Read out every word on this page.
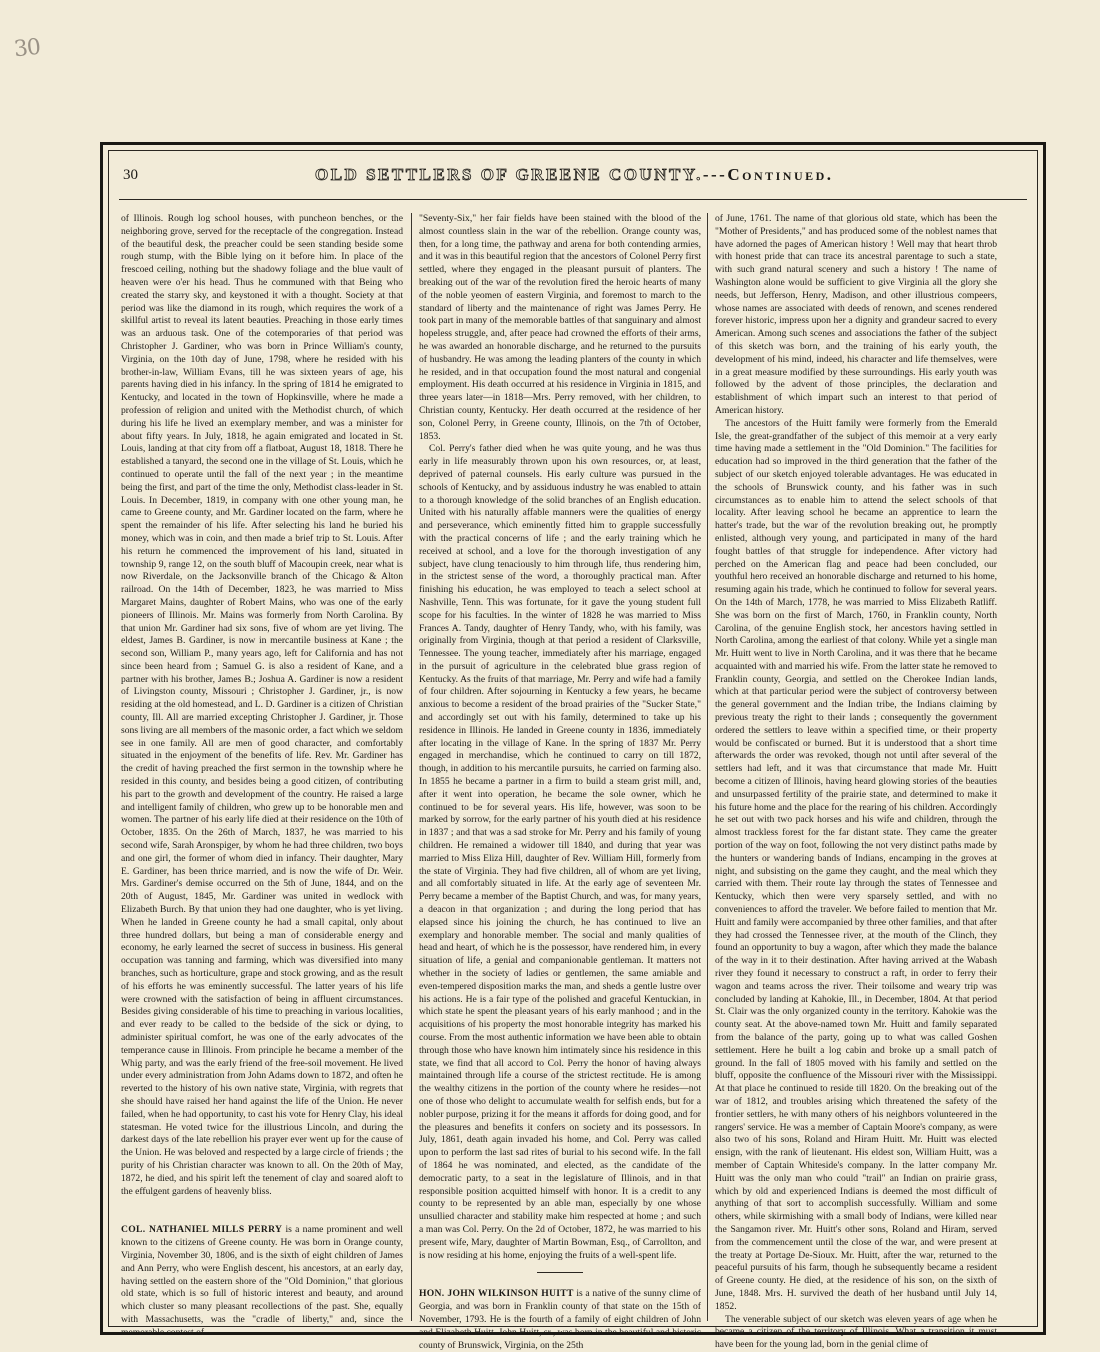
30
30	OLD SETTLERS OF GREENE COUNTY.---Continued.

of Illinois. Rough log school houses, with puncheon benches, or the neighboring grove, served for the receptacle of the congregation. Instead of the beautiful desk, the preacher could be seen standing beside some rough stump, with the Bible lying on it before him. In place of the frescoed ceiling, nothing but the shadowy foliage and the blue vault of heaven were o'er his head. Thus he communed with that Being who created the starry sky, and keystoned it with a thought. Society at that period was like the diamond in its rough, which requires the work of a skillful artist to reveal its latent beauties. Preaching in those early times was an arduous task. One of the cotemporaries of that period was Christopher J. Gardiner, who was born in Prince William's county, Virginia, on the 10th day of June, 1798, where he resided with his brother-in-law, William Evans, till he was sixteen years of age, his parents having died in his infancy. In the spring of 1814 he emigrated to Kentucky, and located in the town of Hopkinsville, where he made a profession of religion and united with the Methodist church, of which during his life he lived an exemplary member, and was a minister for about fifty years. In July, 1818, he again emigrated and located in St. Louis, landing at that city from off a flatboat, August 18, 1818. There he established a tanyard, the second one in the village of St. Louis, which he continued to operate until the fall of the next year ; in the meantime being the first, and part of the time the only, Methodist class-leader in St. Louis. In December, 1819, in company with one other young man, he came to Greene county, and Mr. Gardiner located on the farm, where he spent the remainder of his life. After selecting his land he buried his money, which was in coin, and then made a brief trip to St. Louis. After his return he commenced the improvement of his land, situated in township 9, range 12, on the south bluff of Macoupin creek, near what is now Riverdale, on the Jacksonville branch of the Chicago & Alton railroad. On the 14th of December, 1823, he was married to Miss Margaret Mains, daughter of Robert Mains, who was one of the early pioneers of Illinois. Mr. Mains was formerly from North Carolina. By that union Mr. Gardiner had six sons, five of whom are yet living. The eldest, James B. Gardiner, is now in mercantile business at Kane ; the second son, William P., many years ago, left for California and has not since been heard from ; Samuel G. is also a resident of Kane, and a partner with his brother, James B.; Joshua A. Gardiner is now a resident of Livingston county, Missouri ; Christopher J. Gardiner, jr., is now residing at the old homestead, and L. D. Gardiner is a citizen of Christian county, Ill. All are married excepting Christopher J. Gardiner, jr. Those sons living are all members of the masonic order, a fact which we seldom see in one family. All are men of good character, and comfortably situated in the enjoyment of the benefits of life. Rev. Mr. Gardiner has the credit of having preached the first sermon in the township where he resided in this county, and besides being a good citizen, of contributing his part to the growth and development of the country. He raised a large and intelligent family of children, who grew up to be honorable men and women. The partner of his early life died at their residence on the 10th of October, 1835. On the 26th of March, 1837, he was married to his second wife, Sarah Aronspiger, by whom he had three children, two boys and one girl, the former of whom died in infancy. Their daughter, Mary E. Gardiner, has been thrice married, and is now the wife of Dr. Weir. Mrs. Gardiner's demise occurred on the 5th of June, 1844, and on the 20th of August, 1845, Mr. Gardiner was united in wedlock with Elizabeth Burch. By that union they had one daughter, who is yet living. When he landed in Greene county he had a small capital, only about three hundred dollars, but being a man of considerable energy and economy, he early learned the secret of success in business. His general occupation was tanning and farming, which was diversified into many branches, such as horticulture, grape and stock growing, and as the result of his efforts he was eminently successful. The latter years of his life were crowned with the satisfaction of being in affluent circumstances. Besides giving considerable of his time to preaching in various localities, and ever ready to be called to the bedside of the sick or dying, to administer spiritual comfort, he was one of the early advocates of the temperance cause in Illinois. From principle he became a member of the Whig party, and was the early friend of the free-soil movement. He lived under every administration from John Adams down to 1872, and often he reverted to the history of his own native state, Virginia, with regrets that she should have raised her hand against the life of the Union. He never failed, when he had opportunity, to cast his vote for Henry Clay, his ideal statesman. He voted twice for the illustrious Lincoln, and during the darkest days of the late rebellion his prayer ever went up for the cause of the Union. He was beloved and respected by a large circle of friends ; the purity of his Christian character was known to all. On the 20th of May, 1872, he died, and his spirit left the tenement of clay and soared aloft to the effulgent gardens of heavenly bliss.

COL. NATHANIEL MILLS PERRY is a name prominent and well known to the citizens of Greene county. He was born in Orange county, Virginia, November 30, 1806, and is the sixth of eight children of James and Ann Perry, who were English descent, his ancestors, at an early day, having settled on the eastern shore of the "Old Dominion," that glorious old state, which is so full of historic interest and beauty, and around which cluster so many pleasant recollections of the past. She, equally with Massachusetts, was the "cradle of liberty," and, since the memorable contest of

"Seventy-Six," her fair fields have been stained with the blood of the almost countless slain in the war of the rebellion. Orange county was, then, for a long time, the pathway and arena for both contending armies, and it was in this beautiful region that the ancestors of Colonel Perry first settled, where they engaged in the pleasant pursuit of planters. The breaking out of the war of the revolution fired the heroic hearts of many of the noble yeomen of eastern Virginia, and foremost to march to the standard of liberty and the maintenance of right was James Perry. He took part in many of the memorable battles of that sanguinary and almost hopeless struggle, and, after peace had crowned the efforts of their arms, he was awarded an honorable discharge, and he returned to the pursuits of husbandry. He was among the leading planters of the county in which he resided, and in that occupation found the most natural and congenial employment. His death occurred at his residence in Virginia in 1815, and three years later—in 1818—Mrs. Perry removed, with her children, to Christian county, Kentucky. Her death occurred at the residence of her son, Colonel Perry, in Greene county, Illinois, on the 7th of October, 1853.

Col. Perry's father died when he was quite young, and he was thus early in life measurably thrown upon his own resources, or, at least, deprived of paternal counsels. His early culture was pursued in the schools of Kentucky, and by assiduous industry he was enabled to attain to a thorough knowledge of the solid branches of an English education. United with his naturally affable manners were the qualities of energy and perseverance, which eminently fitted him to grapple successfully with the practical concerns of life ; and the early training which he received at school, and a love for the thorough investigation of any subject, have clung tenaciously to him through life, thus rendering him, in the strictest sense of the word, a thoroughly practical man. After finishing his education, he was employed to teach a select school at Nashville, Tenn. This was fortunate, for it gave the young student full scope for his faculties. In the winter of 1828 he was married to Miss Frances A. Tandy, daughter of Henry Tandy, who, with his family, was originally from Virginia, though at that period a resident of Clarksville, Tennessee. The young teacher, immediately after his marriage, engaged in the pursuit of agriculture in the celebrated blue grass region of Kentucky. As the fruits of that marriage, Mr. Perry and wife had a family of four children. After sojourning in Kentucky a few years, he became anxious to become a resident of the broad prairies of the "Sucker State," and accordingly set out with his family, determined to take up his residence in Illinois. He landed in Greene county in 1836, immediately after locating in the village of Kane. In the spring of 1837 Mr. Perry engaged in merchandise, which he continued to carry on till 1872, though, in addition to his mercantile pursuits, he carried on farming also. In 1855 he became a partner in a firm to build a steam grist mill, and, after it went into operation, he became the sole owner, which he continued to be for several years. His life, however, was soon to be marked by sorrow, for the early partner of his youth died at his residence in 1837 ; and that was a sad stroke for Mr. Perry and his family of young children. He remained a widower till 1840, and during that year was married to Miss Eliza Hill, daughter of Rev. William Hill, formerly from the state of Virginia. They had five children, all of whom are yet living, and all comfortably situated in life. At the early age of seventeen Mr. Perry became a member of the Baptist Church, and was, for many years, a deacon in that organization ; and during the long period that has elapsed since his joining the church, he has continued to live an exemplary and honorable member. The social and manly qualities of head and heart, of which he is the possessor, have rendered him, in every situation of life, a genial and companionable gentleman. It matters not whether in the society of ladies or gentlemen, the same amiable and even-tempered disposition marks the man, and sheds a gentle lustre over his actions. He is a fair type of the polished and graceful Kentuckian, in which state he spent the pleasant years of his early manhood ; and in the acquisitions of his property the most honorable integrity has marked his course. From the most authentic information we have been able to obtain through those who have known him intimately since his residence in this state, we find that all accord to Col. Perry the honor of having always maintained through life a course of the strictest rectitude. He is among the wealthy citizens in the portion of the county where he resides—not one of those who delight to accumulate wealth for selfish ends, but for a nobler purpose, prizing it for the means it affords for doing good, and for the pleasures and benefits it confers on society and its possessors. In July, 1861, death again invaded his home, and Col. Perry was called upon to perform the last sad rites of burial to his second wife. In the fall of 1864 he was nominated, and elected, as the candidate of the democratic party, to a seat in the legislature of Illinois, and in that responsible position acquitted himself with honor. It is a credit to any county to be represented by an able man, especially by one whose unsullied character and stability make him respected at home ; and such a man was Col. Perry. On the 2d of October, 1872, he was married to his present wife, Mary, daughter of Martin Bowman, Esq., of Carrollton, and is now residing at his home, enjoying the fruits of a well-spent life.

HON. JOHN WILKINSON HUITT is a native of the sunny clime of Georgia, and was born in Franklin county of that state on the 15th of November, 1793. He is the fourth of a family of eight children of John and Elizabeth Huitt. John Huitt, sr., was born in the beautiful and historic county of Brunswick, Virginia, on the 25th

of June, 1761. The name of that glorious old state, which has been the "Mother of Presidents," and has produced some of the noblest names that have adorned the pages of American history ! Well may that heart throb with honest pride that can trace its ancestral parentage to such a state, with such grand natural scenery and such a history ! The name of Washington alone would be sufficient to give Virginia all the glory she needs, but Jefferson, Henry, Madison, and other illustrious compeers, whose names are associated with deeds of renown, and scenes rendered forever historic, impress upon her a dignity and grandeur sacred to every American. Among such scenes and associations the father of the subject of this sketch was born, and the training of his early youth, the development of his mind, indeed, his character and life themselves, were in a great measure modified by these surroundings. His early youth was followed by the advent of those principles, the declaration and establishment of which impart such an interest to that period of American history.

The ancestors of the Huitt family were formerly from the Emerald Isle, the great-grandfather of the subject of this memoir at a very early time having made a settlement in the "Old Dominion." The facilities for education had so improved in the third generation that the father of the subject of our sketch enjoyed tolerable advantages. He was educated in the schools of Brunswick county, and his father was in such circumstances as to enable him to attend the select schools of that locality. After leaving school he became an apprentice to learn the hatter's trade, but the war of the revolution breaking out, he promptly enlisted, although very young, and participated in many of the hard fought battles of that struggle for independence. After victory had perched on the American flag and peace had been concluded, our youthful hero received an honorable discharge and returned to his home, resuming again his trade, which he continued to follow for several years. On the 14th of March, 1778, he was married to Miss Elizabeth Ratliff. She was born on the first of March, 1760, in Franklin county, North Carolina, of the genuine English stock, her ancestors having settled in North Carolina, among the earliest of that colony. While yet a single man Mr. Huitt went to live in North Carolina, and it was there that he became acquainted with and married his wife. From the latter state he removed to Franklin county, Georgia, and settled on the Cherokee Indian lands, which at that particular period were the subject of controversy between the general government and the Indian tribe, the Indians claiming by previous treaty the right to their lands ; consequently the government ordered the settlers to leave within a specified time, or their property would be confiscated or burned. But it is understood that a short time afterwards the order was revoked, though not until after several of the settlers had left, and it was that circumstance that made Mr. Huitt become a citizen of Illinois, having heard glowing stories of the beauties and unsurpassed fertility of the prairie state, and determined to make it his future home and the place for the rearing of his children. Accordingly he set out with two pack horses and his wife and children, through the almost trackless forest for the far distant state. They came the greater portion of the way on foot, following the not very distinct paths made by the hunters or wandering bands of Indians, encamping in the groves at night, and subsisting on the game they caught, and the meal which they carried with them. Their route lay through the states of Tennessee and Kentucky, which then were very sparsely settled, and with no conveniences to afford the traveler. We before failed to mention that Mr. Huitt and family were accompanied by three other families, and that after they had crossed the Tennessee river, at the mouth of the Clinch, they found an opportunity to buy a wagon, after which they made the balance of the way in it to their destination. After having arrived at the Wabash river they found it necessary to construct a raft, in order to ferry their wagon and teams across the river. Their toilsome and weary trip was concluded by landing at Kahokie, Ill., in December, 1804. At that period St. Clair was the only organized county in the territory. Kahokie was the county seat. At the above-named town Mr. Huitt and family separated from the balance of the party, going up to what was called Goshen settlement. Here he built a log cabin and broke up a small patch of ground. In the fall of 1805 moved with his family and settled on the bluff, opposite the confluence of the Missouri river with the Mississippi. At that place he continued to reside till 1820. On the breaking out of the war of 1812, and troubles arising which threatened the safety of the frontier settlers, he with many others of his neighbors volunteered in the rangers' service. He was a member of Captain Moore's company, as were also two of his sons, Roland and Hiram Huitt. Mr. Huitt was elected ensign, with the rank of lieutenant. His eldest son, William Huitt, was a member of Captain Whiteside's company. In the latter company Mr. Huitt was the only man who could "trail" an Indian on prairie grass, which by old and experienced Indians is deemed the most difficult of anything of that sort to accomplish successfully. William and some others, while skirmishing with a small body of Indians, were killed near the Sangamon river. Mr. Huitt's other sons, Roland and Hiram, served from the commencement until the close of the war, and were present at the treaty at Portage De-Sioux. Mr. Huitt, after the war, returned to the peaceful pursuits of his farm, though he subsequently became a resident of Greene county. He died, at the residence of his son, on the sixth of June, 1848. Mrs. H. survived the death of her husband until July 14, 1852.

The venerable subject of our sketch was eleven years of age when he became a citizen of the territory of Illinois. What a transition it must have been for the young lad, born in the genial clime of
